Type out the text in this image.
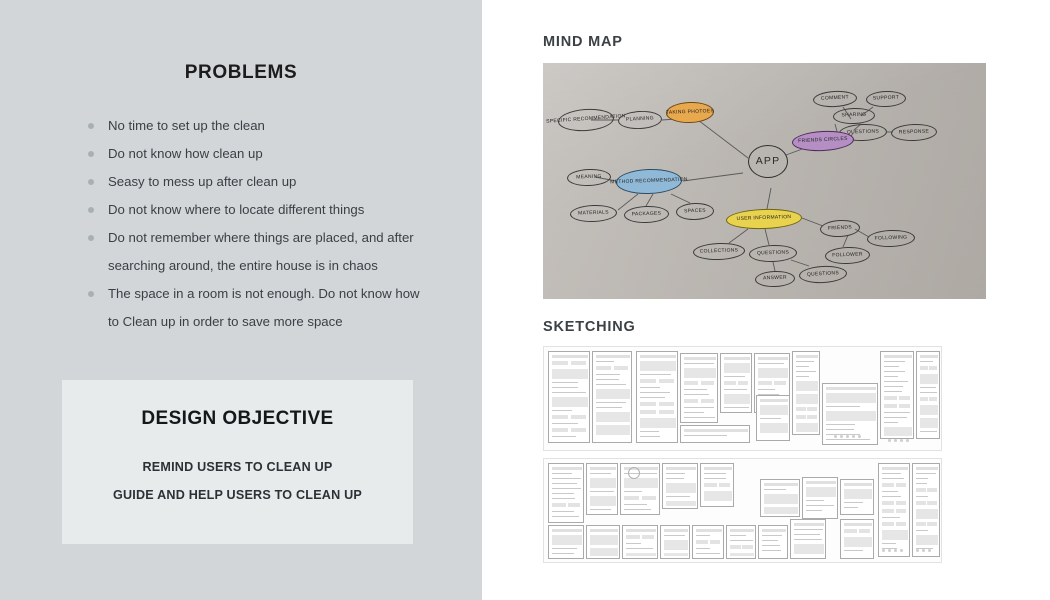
PROBLEMS
No time to set up the clean
Do not know how clean up
Seasy to mess up after clean up
Do not know where to locate different things
Do not remember where things are placed, and after searching around, the entire house is in chaos
The space in a room is not enough. Do not know how to Clean up in order to save more space
DESIGN OBJECTIVE
REMIND USERS TO CLEAN UP
GUIDE AND HELP USERS TO CLEAN UP
MIND MAP
APP
SPECIFIC RECOMMENDATION PLANNING
TAKING PHOTOES
MEANING	METHOD RECOMMENDATION
MATERIALS	PACKAGES	SPACES
COMMENT	SUPPORT
SHARING
QUESTIONS	RESPONSE
FRIENDS CIRCLES
USER INFORMATION
FRIENDS
FOLLOWING
FOLLOWER
COLLECTIONS	QUESTIONS
ANSWER
QUESTIONS
SKETCHING
